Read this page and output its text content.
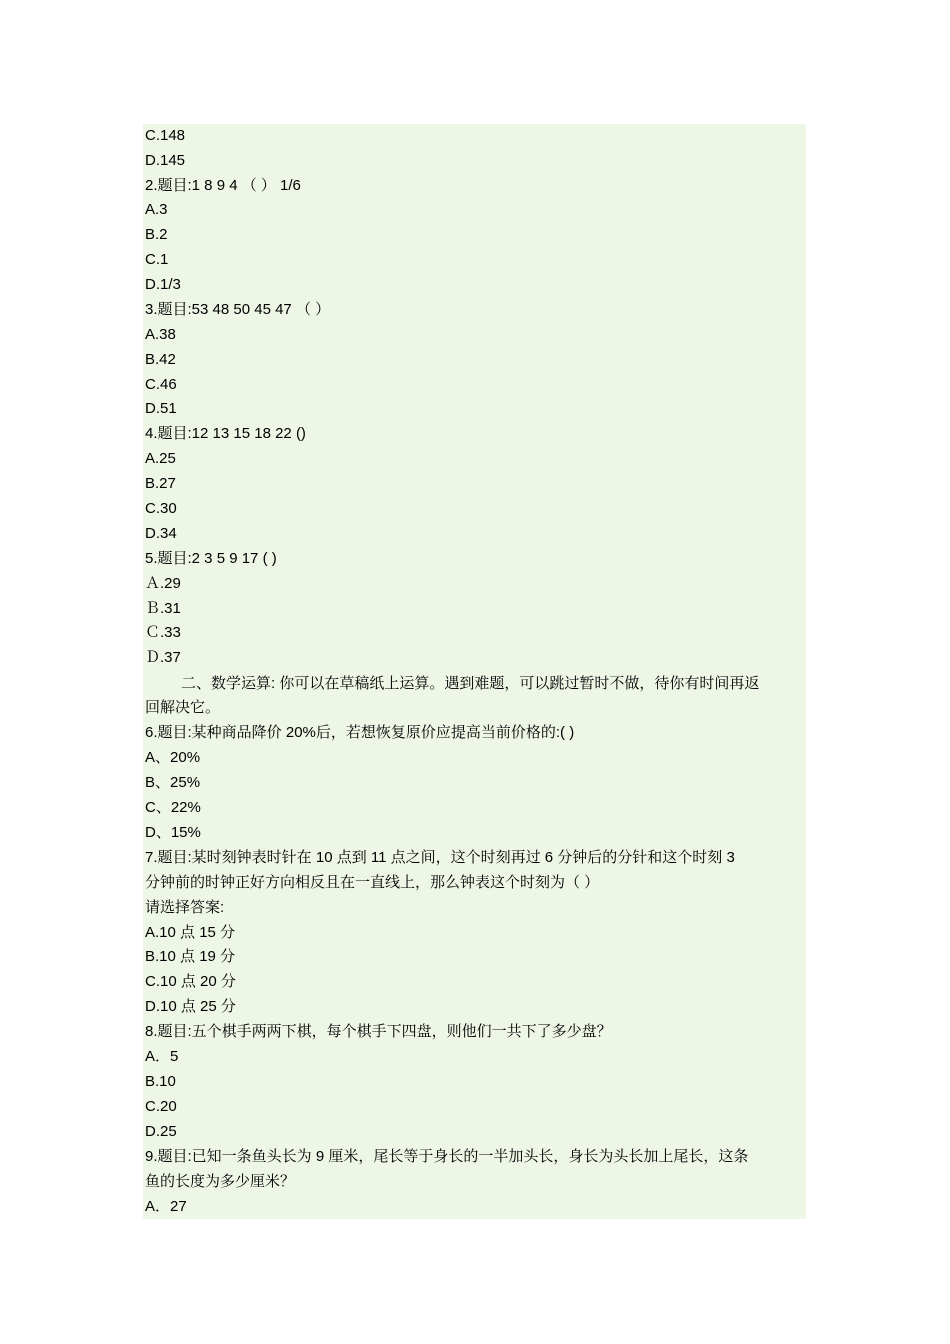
C.148
D.145
2.题目:1 8 9 4 （ ） 1/6
A.3
B.2
C.1
D.1/3
3.题目:53 48 50 45 47 （ ）
A.38
B.42
C.46
D.51
4.题目:12 13 15 18 22 ()
A.25
B.27
C.30
D.34
5.题目:2 3 5 9 17 ( )
Ａ.29
Ｂ.31
Ｃ.33
Ｄ.37
二、数学运算: 你可以在草稿纸上运算。遇到难题，可以跳过暂时不做，待你有时间再返
回解决它。
6.题目:某种商品降价 20%后，若想恢复原价应提高当前价格的:( )
A、20%
B、25%
C、22%
D、15%
7.题目:某时刻钟表时针在 10 点到 11 点之间，这个时刻再过 6 分钟后的分针和这个时刻 3
分钟前的时钟正好方向相反且在一直线上，那么钟表这个时刻为（ ）
请选择答案:
A.10 点 15 分
B.10 点 19 分
C.10 点 20 分
D.10 点 25 分
8.题目:五个棋手两两下棋，每个棋手下四盘，则他们一共下了多少盘？
A．5
B.10
C.20
D.25
9.题目:已知一条鱼头长为 9 厘米，尾长等于身长的一半加头长，身长为头长加上尾长，这条
鱼的长度为多少厘米？
A．27
